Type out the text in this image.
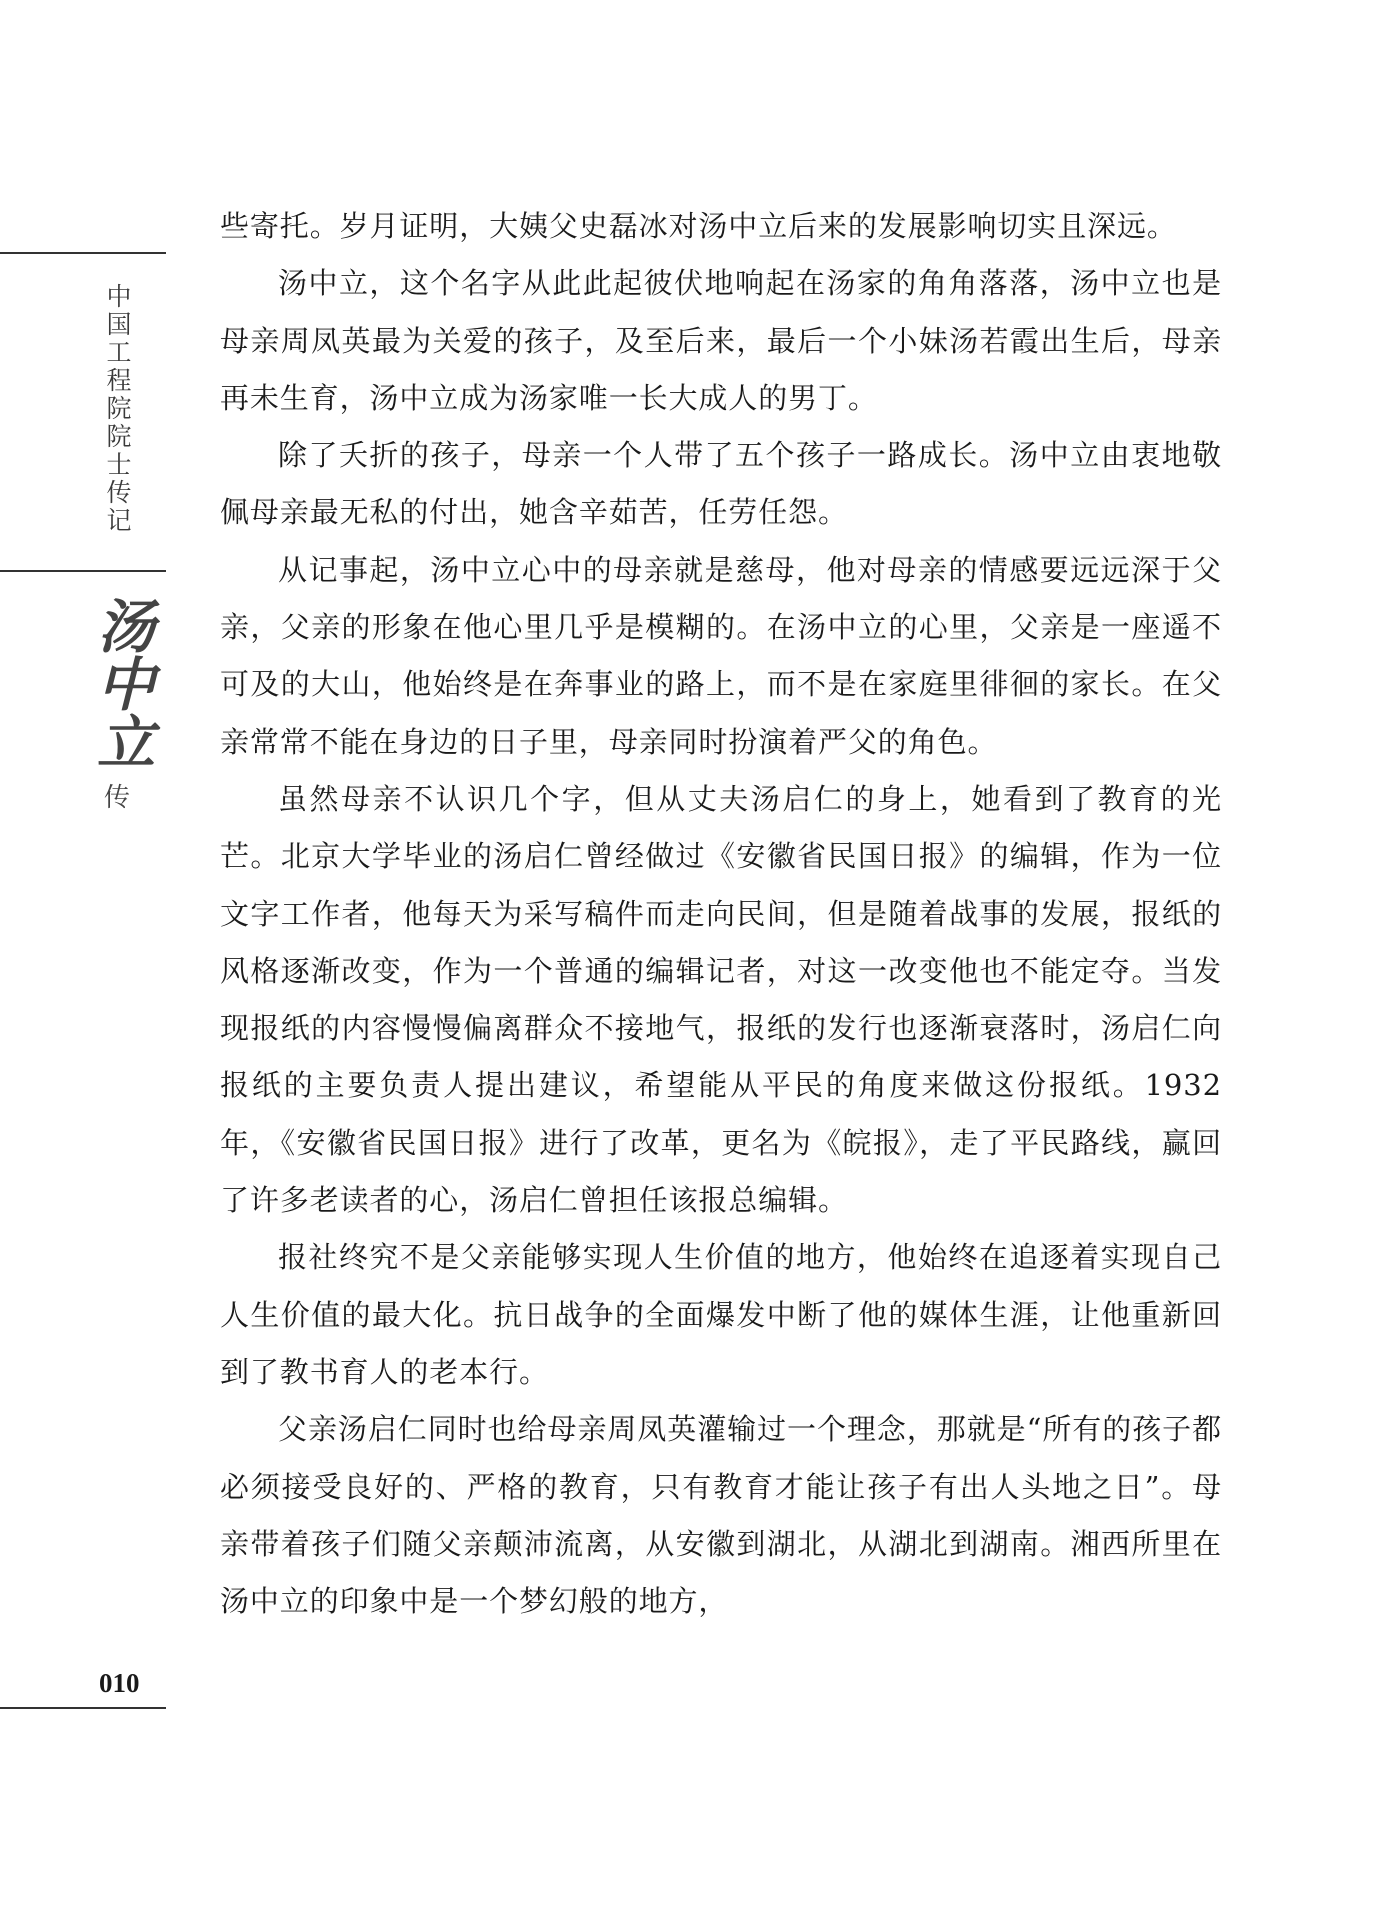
中国工程院院士传记

汤中立

传

010

些寄托。岁月证明，大姨父史磊冰对汤中立后来的发展影响切实且深远。

汤中立，这个名字从此此起彼伏地响起在汤家的角角落落，汤中立也是母亲周凤英最为关爱的孩子，及至后来，最后一个小妹汤若霞出生后，母亲再未生育，汤中立成为汤家唯一长大成人的男丁。

除了夭折的孩子，母亲一个人带了五个孩子一路成长。汤中立由衷地敬佩母亲最无私的付出，她含辛茹苦，任劳任怨。

从记事起，汤中立心中的母亲就是慈母，他对母亲的情感要远远深于父亲，父亲的形象在他心里几乎是模糊的。在汤中立的心里，父亲是一座遥不可及的大山，他始终是在奔事业的路上，而不是在家庭里徘徊的家长。在父亲常常不能在身边的日子里，母亲同时扮演着严父的角色。

虽然母亲不认识几个字，但从丈夫汤启仁的身上，她看到了教育的光芒。北京大学毕业的汤启仁曾经做过《安徽省民国日报》的编辑，作为一位文字工作者，他每天为采写稿件而走向民间，但是随着战事的发展，报纸的风格逐渐改变，作为一个普通的编辑记者，对这一改变他也不能定夺。当发现报纸的内容慢慢偏离群众不接地气，报纸的发行也逐渐衰落时，汤启仁向报纸的主要负责人提出建议，希望能从平民的角度来做这份报纸。1932 年，《安徽省民国日报》进行了改革，更名为《皖报》，走了平民路线，赢回了许多老读者的心，汤启仁曾担任该报总编辑。

报社终究不是父亲能够实现人生价值的地方，他始终在追逐着实现自己人生价值的最大化。抗日战争的全面爆发中断了他的媒体生涯，让他重新回到了教书育人的老本行。

父亲汤启仁同时也给母亲周凤英灌输过一个理念，那就是“所有的孩子都必须接受良好的、严格的教育，只有教育才能让孩子有出人头地之日”。母亲带着孩子们随父亲颠沛流离，从安徽到湖北，从湖北到湖南。湘西所里在汤中立的印象中是一个梦幻般的地方，
